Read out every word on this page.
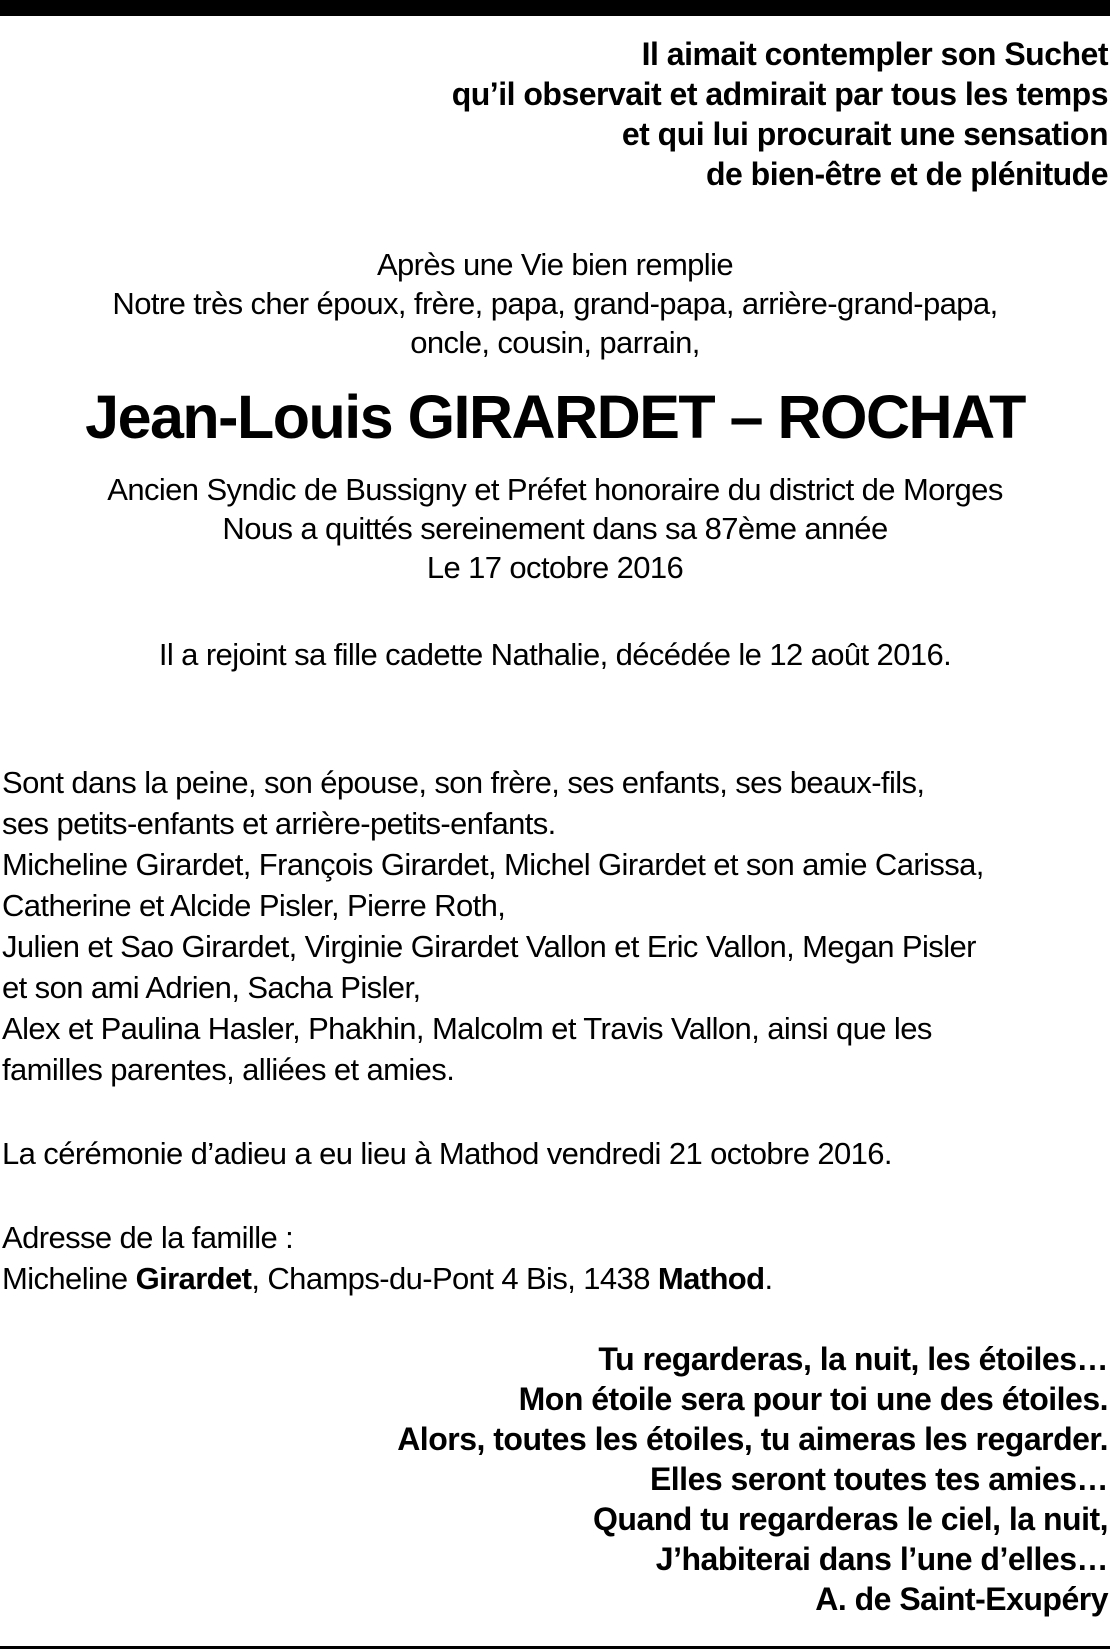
Il aimait contempler son Suchet
qu’il observait et admirait par tous les temps
et qui lui procurait une sensation
de bien-être et de plénitude
Après une Vie bien remplie
Notre très cher époux, frère, papa, grand-papa, arrière-grand-papa,
oncle, cousin, parrain,
Jean-Louis GIRARDET – ROCHAT
Ancien Syndic de Bussigny et Préfet honoraire du district de Morges
Nous a quittés sereinement dans sa 87ème année
Le 17 octobre 2016
Il a rejoint sa fille cadette Nathalie, décédée le 12 août 2016.
Sont dans la peine, son épouse, son frère, ses enfants, ses beaux-fils,
ses petits-enfants et arrière-petits-enfants.
Micheline Girardet, François Girardet, Michel Girardet et son amie Carissa,
Catherine et Alcide Pisler, Pierre Roth,
Julien et Sao Girardet, Virginie Girardet Vallon et Eric Vallon, Megan Pisler
et son ami Adrien, Sacha Pisler,
Alex et Paulina Hasler, Phakhin, Malcolm et Travis Vallon, ainsi que les
familles parentes, alliées et amies.
La cérémonie d’adieu a eu lieu à Mathod vendredi 21 octobre 2016.
Adresse de la famille :
Micheline Girardet, Champs-du-Pont 4 Bis, 1438 Mathod.
Tu regarderas, la nuit, les étoiles…
Mon étoile sera pour toi une des étoiles.
Alors, toutes les étoiles, tu aimeras les regarder.
Elles seront toutes tes amies…
Quand tu regarderas le ciel, la nuit,
J’habiterai dans l’une d’elles…
A. de Saint-Exupéry
